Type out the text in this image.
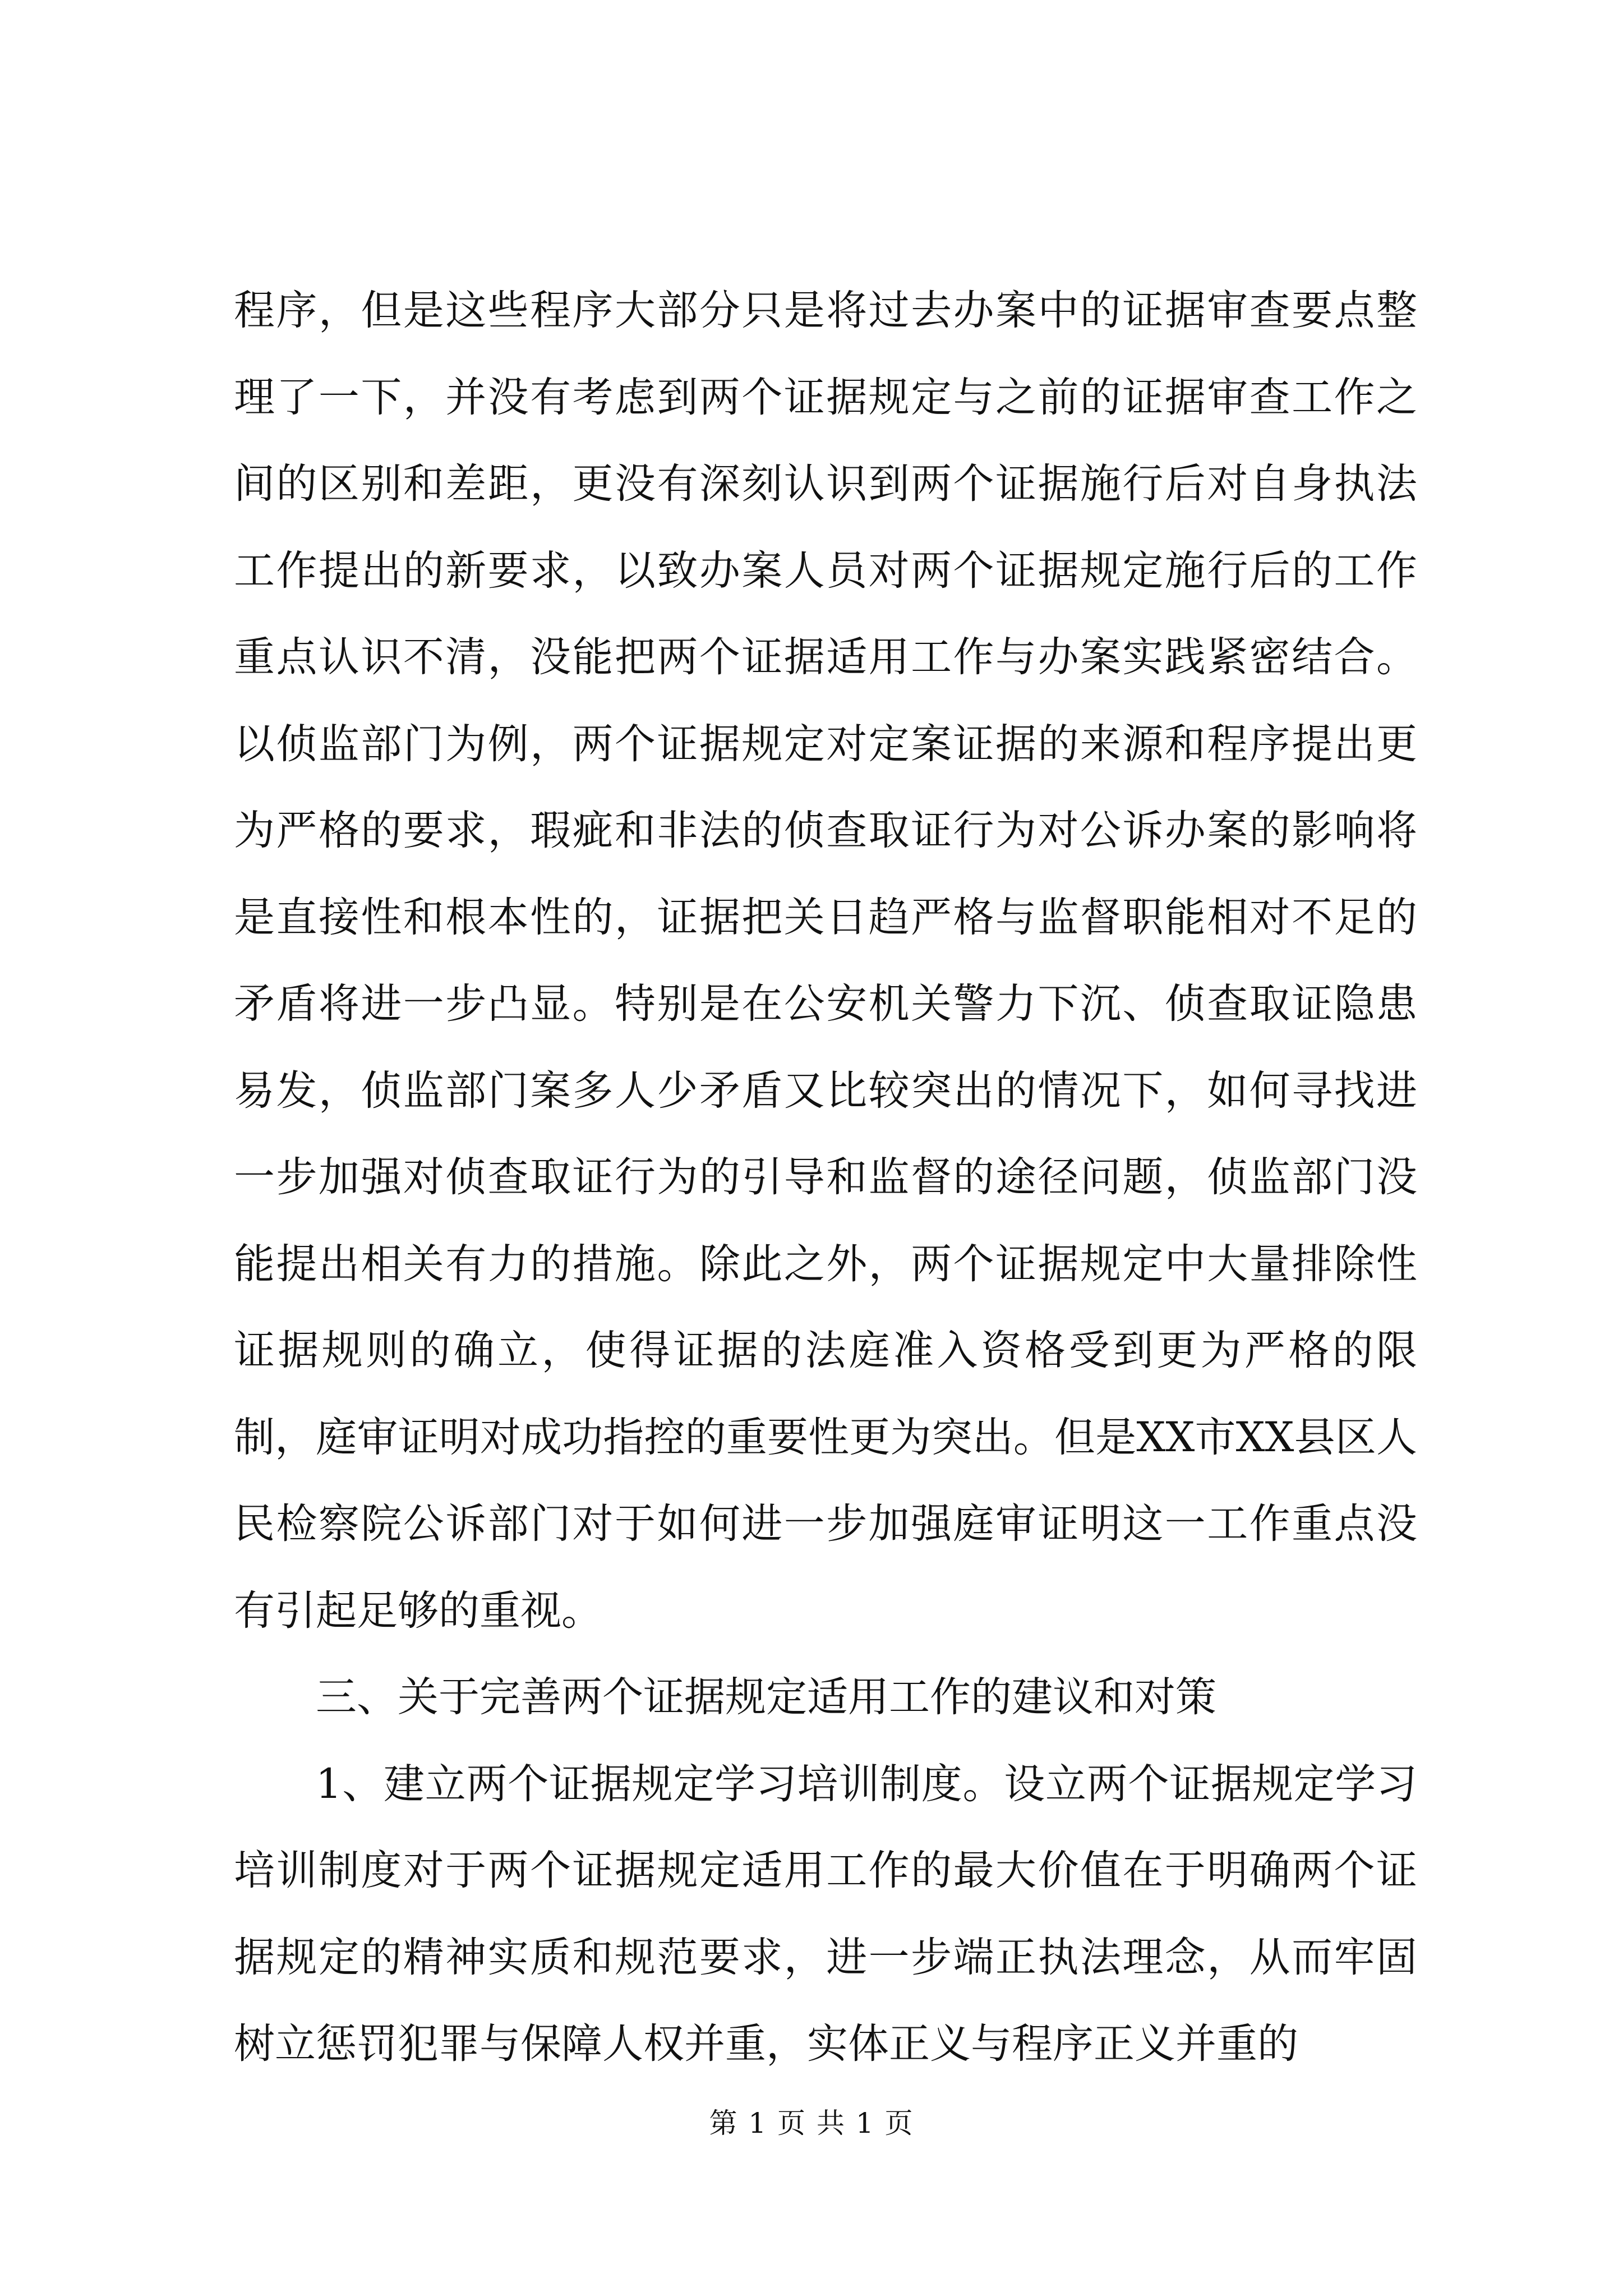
程序，但是这些程序大部分只是将过去办案中的证据审查要点整理了一下，并没有考虑到两个证据规定与之前的证据审查工作之间的区别和差距，更没有深刻认识到两个证据施行后对自身执法工作提出的新要求，以致办案人员对两个证据规定施行后的工作重点认识不清，没能把两个证据适用工作与办案实践紧密结合。以侦监部门为例，两个证据规定对定案证据的来源和程序提出更为严格的要求，瑕疵和非法的侦查取证行为对公诉办案的影响将是直接性和根本性的，证据把关日趋严格与监督职能相对不足的矛盾将进一步凸显。特别是在公安机关警力下沉、侦查取证隐患易发，侦监部门案多人少矛盾又比较突出的情况下，如何寻找进一步加强对侦查取证行为的引导和监督的途径问题，侦监部门没能提出相关有力的措施。除此之外，两个证据规定中大量排除性证据规则的确立，使得证据的法庭准入资格受到更为严格的限制，庭审证明对成功指控的重要性更为突出。但是XX市XX县区人民检察院公诉部门对于如何进一步加强庭审证明这一工作重点没有引起足够的重视。

三、关于完善两个证据规定适用工作的建议和对策

1、建立两个证据规定学习培训制度。设立两个证据规定学习培训制度对于两个证据规定适用工作的最大价值在于明确两个证据规定的精神实质和规范要求，进一步端正执法理念，从而牢固树立惩罚犯罪与保障人权并重，实体正义与程序正义并重的

第 1 页 共 1 页
